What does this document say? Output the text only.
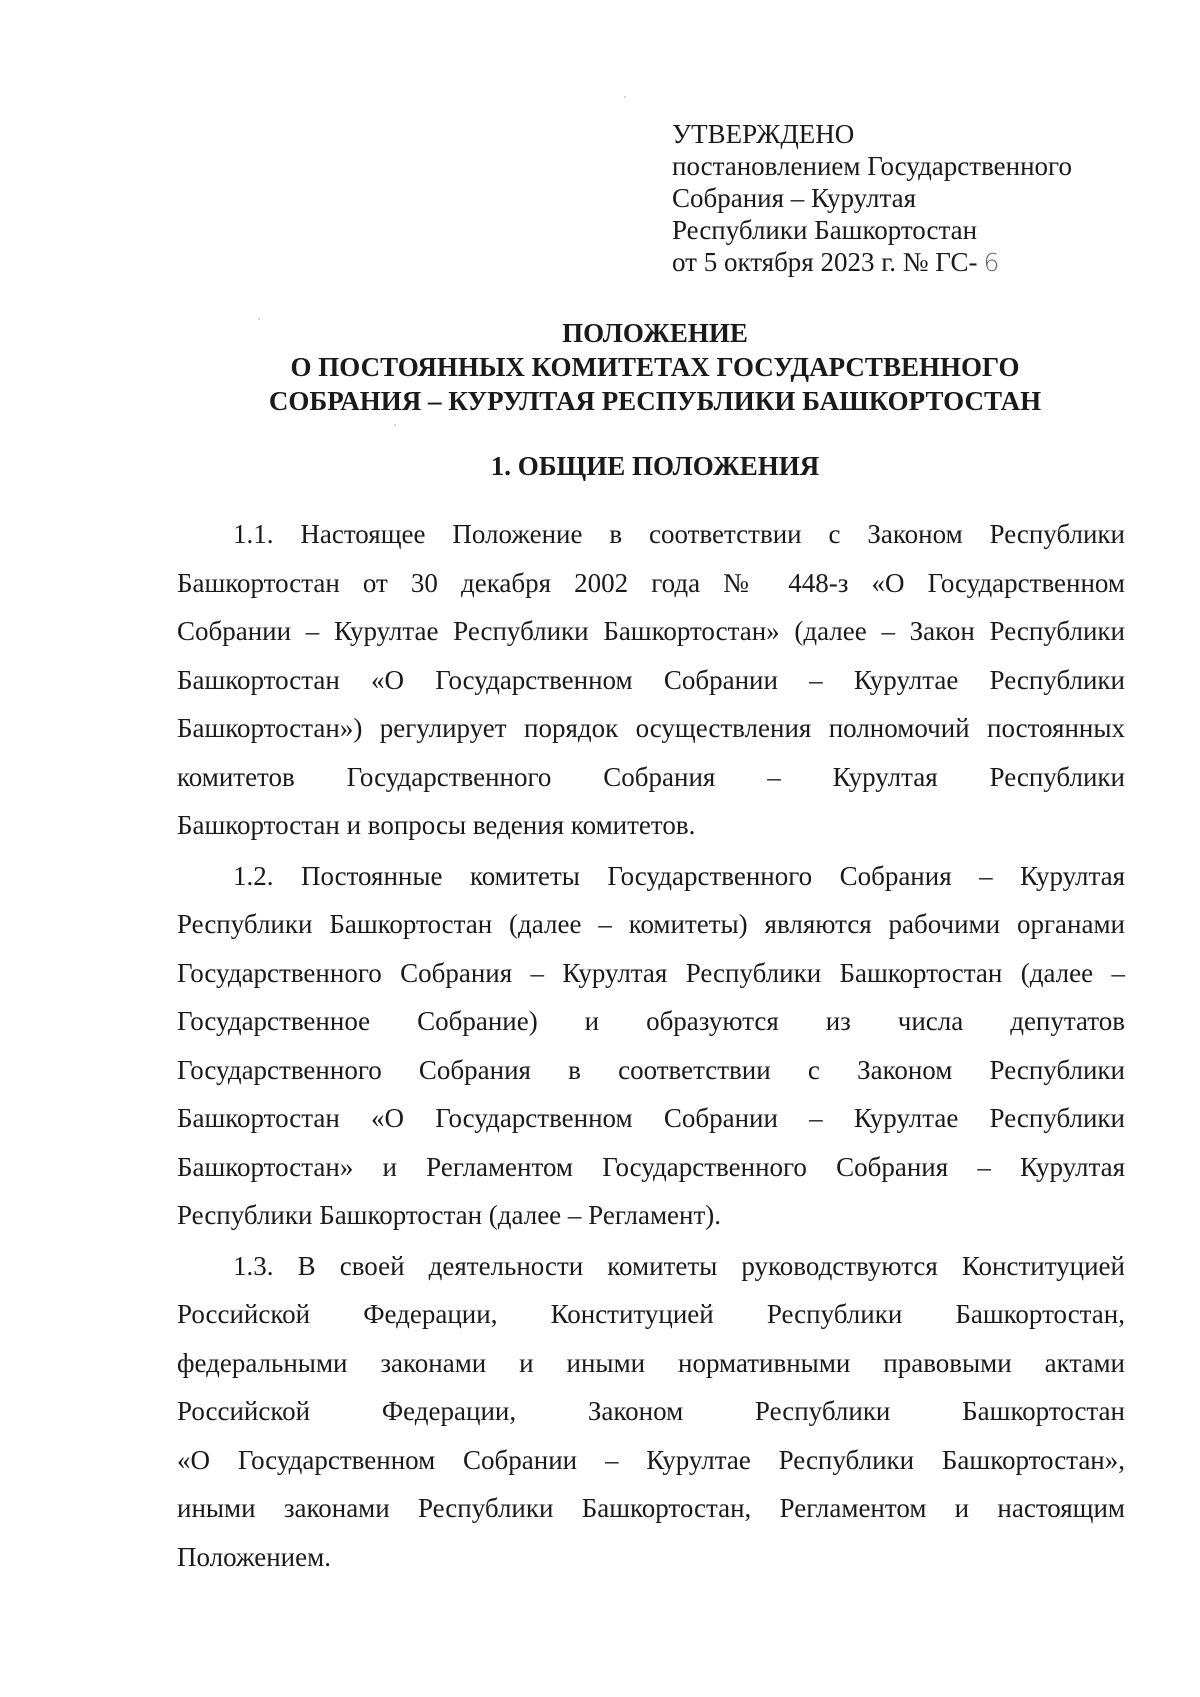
УТВЕРЖДЕНО
постановлением Государственного
Собрания – Курултая
Республики Башкортостан
от 5 октября 2023 г. № ГС- 6
ПОЛОЖЕНИЕ
О ПОСТОЯННЫХ КОМИТЕТАХ ГОСУДАРСТВЕННОГО
СОБРАНИЯ – КУРУЛТАЯ РЕСПУБЛИКИ БАШКОРТОСТАН
1. ОБЩИЕ ПОЛОЖЕНИЯ
1.1. Настоящее Положение в соответствии с Законом Республики
Башкортостан от 30 декабря 2002 года № 448-з «О Государственном
Собрании – Курултае Республики Башкортостан» (далее – Закон Республики
Башкортостан «О Государственном Собрании – Курултае Республики
Башкортостан») регулирует порядок осуществления полномочий постоянных
комитетов Государственного Собрания – Курултая Республики
Башкортостан и вопросы ведения комитетов.
1.2. Постоянные комитеты Государственного Собрания – Курултая
Республики Башкортостан (далее – комитеты) являются рабочими органами
Государственного Собрания – Курултая Республики Башкортостан (далее –
Государственное Собрание) и образуются из числа депутатов
Государственного Собрания в соответствии с Законом Республики
Башкортостан «О Государственном Собрании – Курултае Республики
Башкортостан» и Регламентом Государственного Собрания – Курултая
Республики Башкортостан (далее – Регламент).
1.3. В своей деятельности комитеты руководствуются Конституцией
Российской Федерации, Конституцией Республики Башкортостан,
федеральными законами и иными нормативными правовыми актами
Российской Федерации, Законом Республики Башкортостан
«О Государственном Собрании – Курултае Республики Башкортостан»,
иными законами Республики Башкортостан, Регламентом и настоящим
Положением.
